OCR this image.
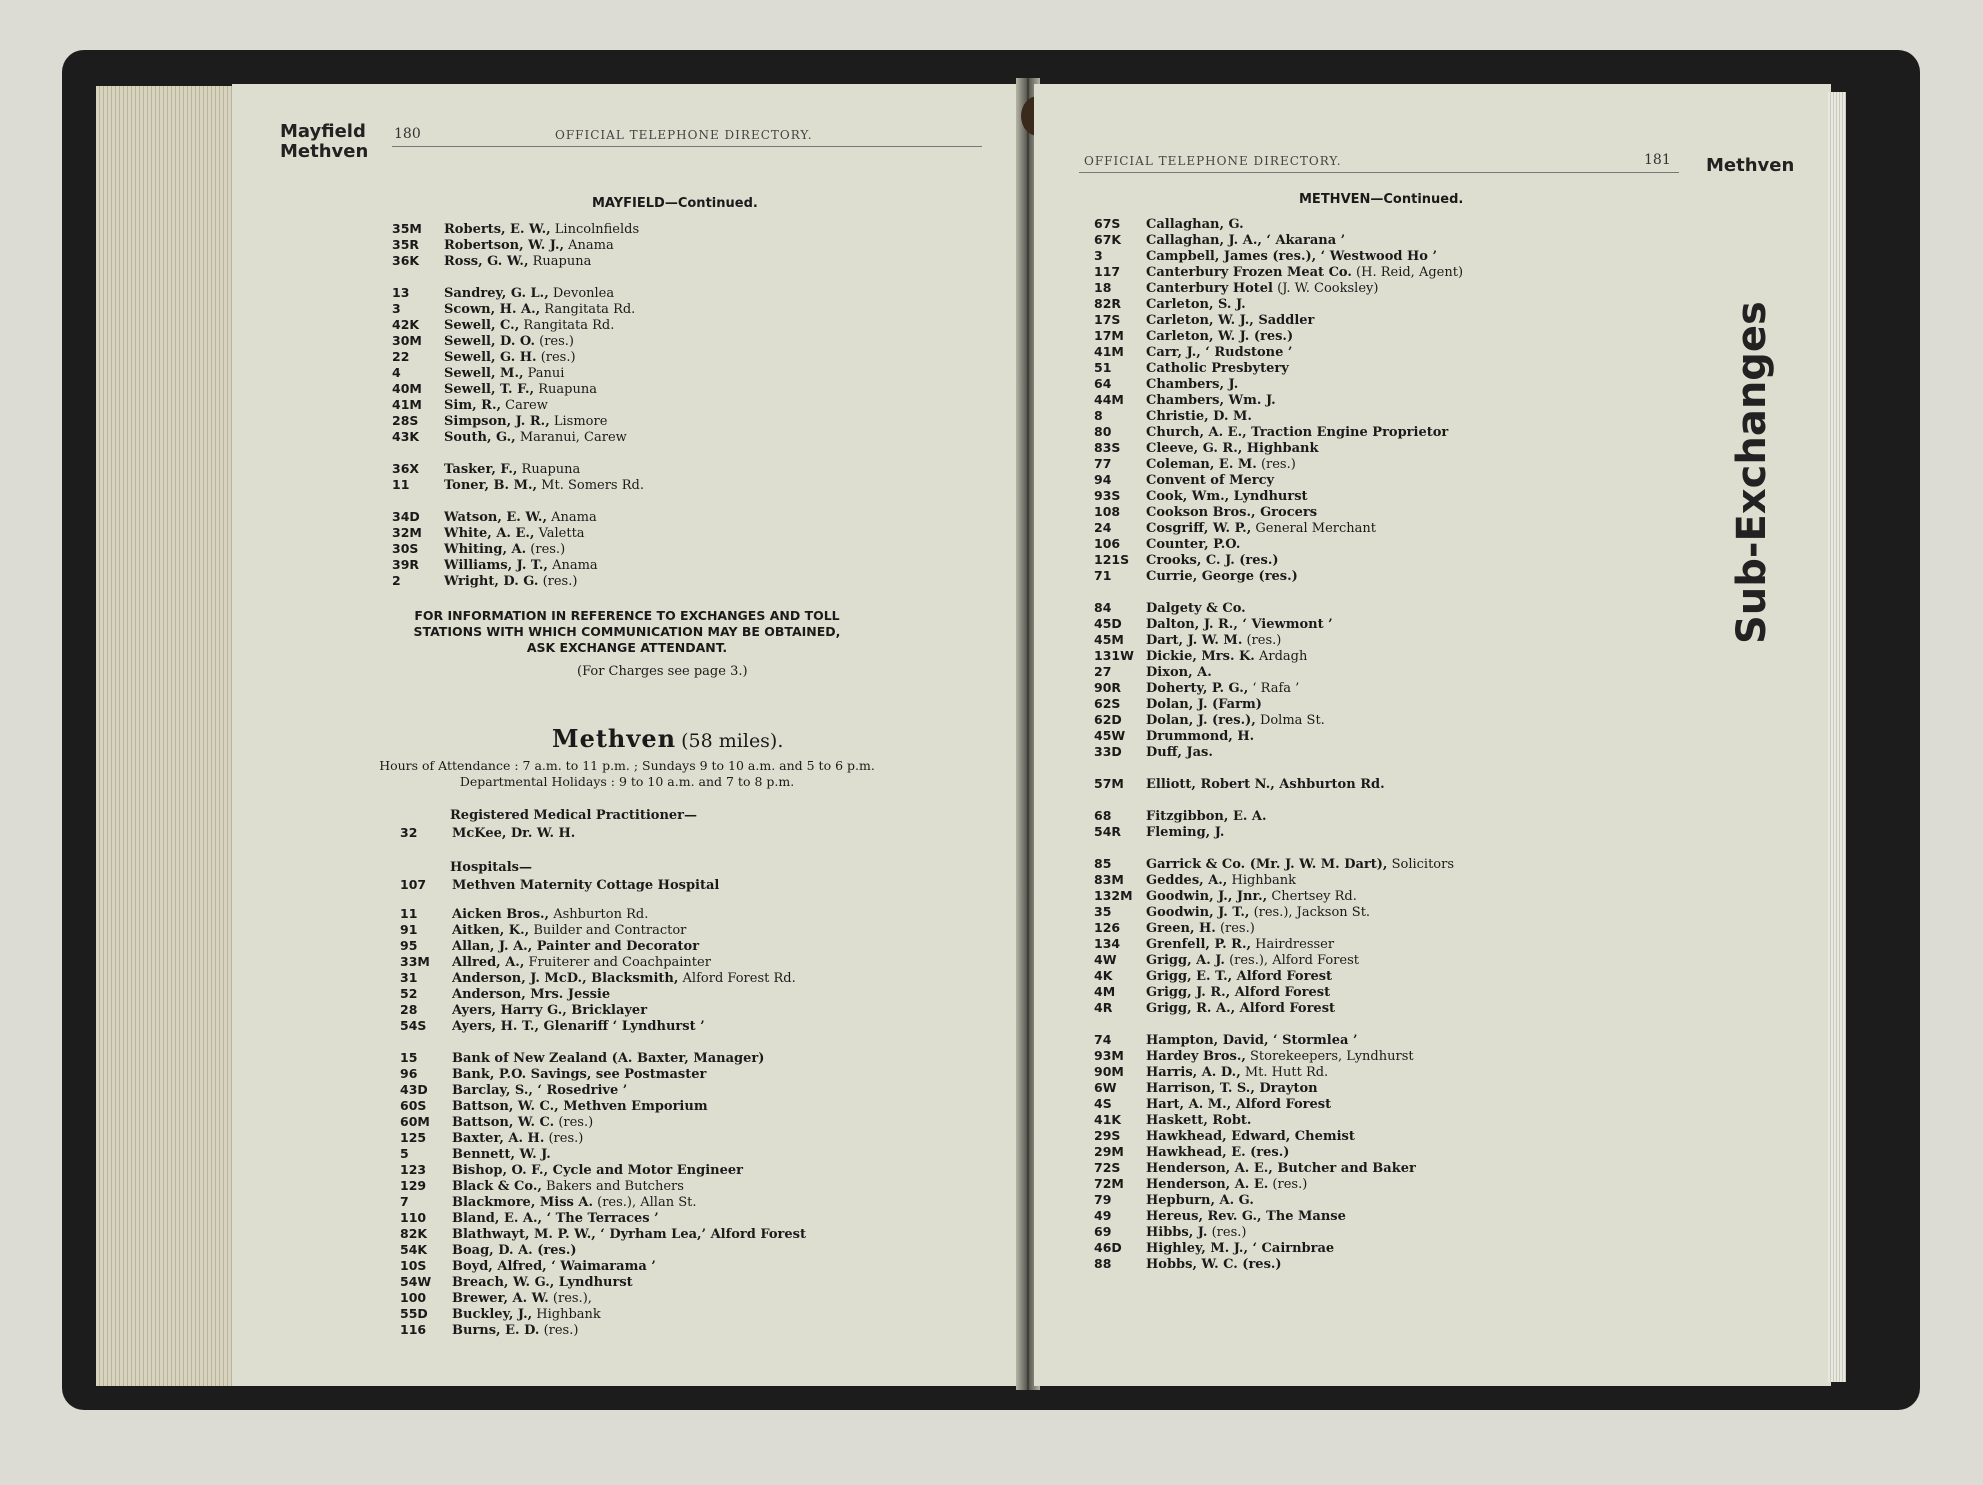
Mayfield
Methven
180	OFFICIAL TELEPHONE DIRECTORY.
MAYFIELD—Continued.
35M Roberts, E. W., Lincolnfields
35R Robertson, W. J., Anama
36K Ross, G. W., Ruapuna
13	Sandrey, G. L., Devonlea
3	Scown, H. A., Rangitata Rd.
42K Sewell, C., Rangitata Rd.
30M Sewell, D. O. (res.)
22	Sewell, G. H. (res.)
4	Sewell, M., Panui
40M Sewell, T. F., Ruapuna
41M Sim, R., Carew
28S Simpson, J. R., Lismore
43K South, G., Maranui, Carew
36X Tasker, F., Ruapuna
11	Toner, B. M., Mt. Somers Rd.
34D Watson, E. W., Anama
32M White, A. E., Valetta
30S Whiting, A. (res.)
39R Williams, J. T., Anama
2	Wright, D. G. (res.)
FOR INFORMATION IN REFERENCE TO EXCHANGES AND TOLL
STATIONS WITH WHICH COMMUNICATION MAY BE OBTAINED,
ASK EXCHANGE ATTENDANT.
(For Charges see page 3.)
Methven (58 miles).
Hours of Attendance : 7 a.m. to 11 p.m. ; Sundays 9 to 10 a.m. and 5 to 6 p.m.
Departmental Holidays : 9 to 10 a.m. and 7 to 8 p.m.
Registered Medical Practitioner—
32	McKee, Dr. W. H.
Hospitals—
107 Methven Maternity Cottage Hospital
11	Aicken Bros., Ashburton Rd.
91	Aitken, K., Builder and Contractor
95	Allan, J. A., Painter and Decorator
33M Allred, A., Fruiterer and Coachpainter
31	Anderson, J. McD., Blacksmith, Alford Forest Rd.
52	Anderson, Mrs. Jessie
28	Ayers, Harry G., Bricklayer
54S Ayers, H. T., Glenariff ‘ Lyndhurst ’
15	Bank of New Zealand (A. Baxter, Manager)
96	Bank, P.O. Savings, see Postmaster
43D Barclay, S., ‘ Rosedrive ’
60S Battson, W. C., Methven Emporium
60M Battson, W. C. (res.)
125 Baxter, A. H. (res.)
5	Bennett, W. J.
123 Bishop, O. F., Cycle and Motor Engineer
129 Black & Co., Bakers and Butchers
7	Blackmore, Miss A. (res.), Allan St.
110 Bland, E. A., ‘ The Terraces ’
82K Blathwayt, M. P. W., ‘ Dyrham Lea,’ Alford Forest
54K Boag, D. A. (res.)
10S Boyd, Alfred, ‘ Waimarama ’
54W Breach, W. G., Lyndhurst
100 Brewer, A. W. (res.),
55D Buckley, J., Highbank
116 Burns, E. D. (res.)
OFFICIAL TELEPHONE DIRECTORY.	181 Methven
Sub-Exchanges
METHVEN—Continued.
67S Callaghan, G.
67K Callaghan, J. A., ‘ Akarana ’
3	Campbell, James (res.), ‘ Westwood Ho ’
117 Canterbury Frozen Meat Co. (H. Reid, Agent)
18	Canterbury Hotel (J. W. Cooksley)
82R Carleton, S. J.
17S Carleton, W. J., Saddler
17M Carleton, W. J. (res.)
41M Carr, J., ‘ Rudstone ’
51	Catholic Presbytery
64	Chambers, J.
44M Chambers, Wm. J.
8	Christie, D. M.
80	Church, A. E., Traction Engine Proprietor
83S Cleeve, G. R., Highbank
77	Coleman, E. M. (res.)
94	Convent of Mercy
93S Cook, Wm., Lyndhurst
108 Cookson Bros., Grocers
24	Cosgriff, W. P., General Merchant
106 Counter, P.O.
121S Crooks, C. J. (res.)
71	Currie, George (res.)
84	Dalgety & Co.
45D Dalton, J. R., ‘ Viewmont ’
45M Dart, J. W. M. (res.)
131W Dickie, Mrs. K. Ardagh
27	Dixon, A.
90R Doherty, P. G., ‘ Rafa ’
62S Dolan, J. (Farm)
62D Dolan, J. (res.), Dolma St.
45W Drummond, H.
33D Duff, Jas.
57M Elliott, Robert N., Ashburton Rd.
68	Fitzgibbon, E. A.
54R Fleming, J.
85	Garrick & Co. (Mr. J. W. M. Dart), Solicitors
83M Geddes, A., Highbank
132M Goodwin, J., Jnr., Chertsey Rd.
35	Goodwin, J. T., (res.), Jackson St.
126 Green, H. (res.)
134 Grenfell, P. R., Hairdresser
4W Grigg, A. J. (res.), Alford Forest
4K	Grigg, E. T., Alford Forest
4M Grigg, J. R., Alford Forest
4R	Grigg, R. A., Alford Forest
74	Hampton, David, ‘ Stormlea ’
93M Hardey Bros., Storekeepers, Lyndhurst
90M Harris, A. D., Mt. Hutt Rd.
6W Harrison, T. S., Drayton
4S	Hart, A. M., Alford Forest
41K Haskett, Robt.
29S Hawkhead, Edward, Chemist
29M Hawkhead, E. (res.)
72S Henderson, A. E., Butcher and Baker
72M Henderson, A. E. (res.)
79	Hepburn, A. G.
49	Hereus, Rev. G., The Manse
69	Hibbs, J. (res.)
46D Highley, M. J., ‘ Cairnbrae
88	Hobbs, W. C. (res.)
